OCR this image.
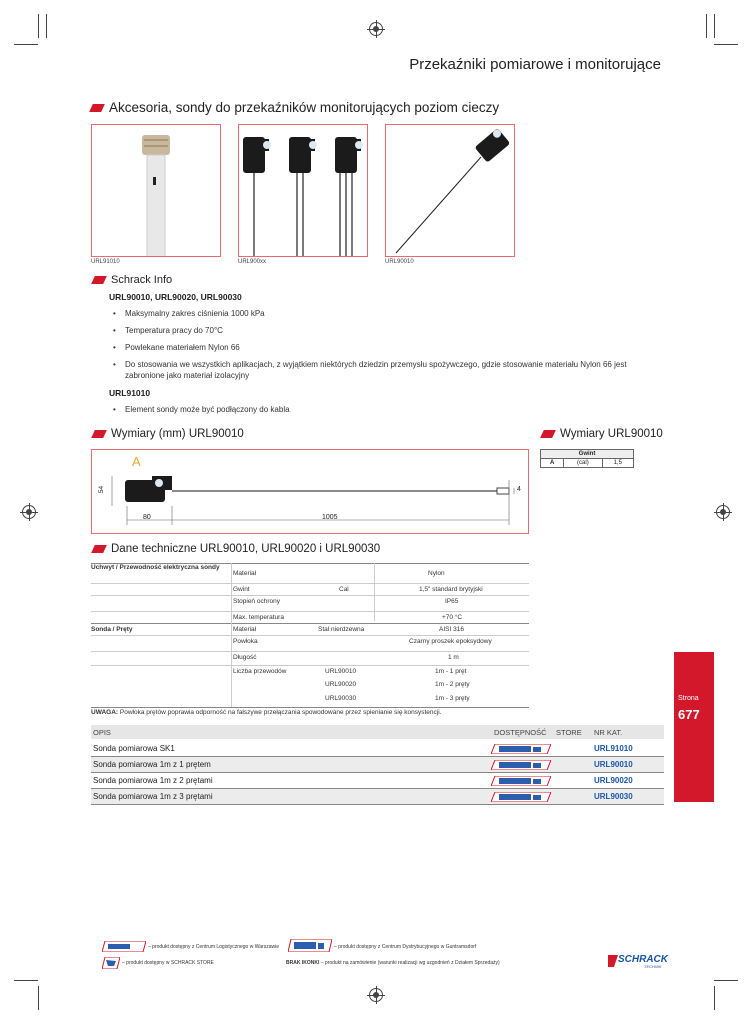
Przekaźniki pomiarowe i monitorujące
Akcesoria, sondy do przekaźników monitorujących poziom cieczy
URL91010	URL900xx	URL90010
Schrack Info
URL90010, URL90020, URL90030
• Maksymalny zakres ciśnienia 1000 kPa
• Temperatura pracy do 70°C
• Powlekane materiałem Nylon 66
• Do stosowania we wszystkich aplikacjach, z wyjątkiem niektórych dziedzin przemysłu spożywczego, gdzie stosowanie materiału Nylon 66 jest zabronione jako materiał izolacyjny
URL91010
• Element sondy może być podłączony do kabla
Wymiary (mm) URL90010	Wymiary URL90010
A
54
80	1005
4
Gwint
A	(cal)	1,5
Dane techniczne URL90010, URL90020 i URL90030
Uchwyt / Przewodność elektryczna sondy
Sonda / Pręty
Materiał	Nylon
Gwint	Cal	1,5" standard brytyjski
Stopień ochrony	IP65
Max. temperatura	+70 °C
Materiał	Stal nierdzewna	AISI 316
Powłoka	Czarny proszek epoksydowy
Długość	1 m
Liczba przewodów	URL90010	1m - 1 pręt
URL90020	1m - 2 pręty
URL90030	1m - 3 pręty
UWAGA: Powłoka prętów poprawia odporność na fałszywe przełączania spowodowane przez spienianie się konsystencji.
OPIS	DOSTĘPNOŚĆ STORE NR KAT.
Sonda pomiarowa SK1	URL91010
Sonda pomiarowa 1m z 1 prętem	URL90010
Sonda pomiarowa 1m z 2 prętami	URL90020
Sonda pomiarowa 1m z 3 prętami	URL90030
Strona
677
– produkt dostępny z Centrum Logistycznego w Warszawie	– produkt dostępny z Centrum Dystrybucyjnego w Guntramsdorf
– produkt dostępny w SCHRACK STORE	BRAK IKONKI – produkt na zamówienie (warunki realizacji wg uzgodnień z Działem Sprzedaży)	SCHRACK
TECHNIK
